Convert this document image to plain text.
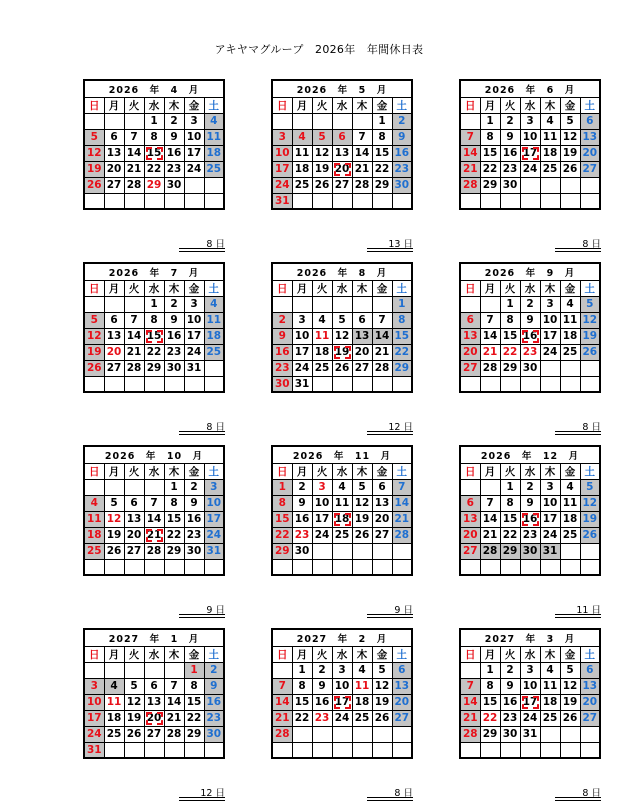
アキヤマグループ　2026年　年間休日表
2026　年　4　月						
日	月	火	水	木	金	土
			1	2	3	4
5	6	7	8	9	10	11
12	13	14	15	16	17	18
19	20	21	22	23	24	25
26	27	28	29	30		

8 日
2026　年　5　月						
日	月	火	水	木	金	土
					1	2
3	4	5	6	7	8	9
10	11	12	13	14	15	16
17	18	19	20	21	22	23
24	25	26	27	28	29	30
31						
13 日
2026　年　6　月						
日	月	火	水	木	金	土
	1	2	3	4	5	6
7	8	9	10	11	12	13
14	15	16	17	18	19	20
21	22	23	24	25	26	27
28	29	30				

8 日
2026　年　7　月						
日	月	火	水	木	金	土
			1	2	3	4
5	6	7	8	9	10	11
12	13	14	15	16	17	18
19	20	21	22	23	24	25
26	27	28	29	30	31	

8 日
2026　年　8　月						
日	月	火	水	木	金	土
						1
2	3	4	5	6	7	8
9	10	11	12	13	14	15
16	17	18	19	20	21	22
23	24	25	26	27	28	29
30	31					
12 日
2026　年　9　月						
日	月	火	水	木	金	土
		1	2	3	4	5
6	7	8	9	10	11	12
13	14	15	16	17	18	19
20	21	22	23	24	25	26
27	28	29	30			

8 日
2026　年　10　月						
日	月	火	水	木	金	土
				1	2	3
4	5	6	7	8	9	10
11	12	13	14	15	16	17
18	19	20	21	22	23	24
25	26	27	28	29	30	31

9 日
2026　年　11　月						
日	月	火	水	木	金	土
1	2	3	4	5	6	7
8	9	10	11	12	13	14
15	16	17	18	19	20	21
22	23	24	25	26	27	28
29	30					

9 日
2026　年　12　月						
日	月	火	水	木	金	土
		1	2	3	4	5
6	7	8	9	10	11	12
13	14	15	16	17	18	19
20	21	22	23	24	25	26
27	28	29	30	31		

11 日
2027　年　1　月						
日	月	火	水	木	金	土
					1	2
3	4	5	6	7	8	9
10	11	12	13	14	15	16
17	18	19	20	21	22	23
24	25	26	27	28	29	30
31						
12 日
2027　年　2　月						
日	月	火	水	木	金	土
	1	2	3	4	5	6
7	8	9	10	11	12	13
14	15	16	17	18	19	20
21	22	23	24	25	26	27
28						

8 日
2027　年　3　月						
日	月	火	水	木	金	土
	1	2	3	4	5	6
7	8	9	10	11	12	13
14	15	16	17	18	19	20
21	22	23	24	25	26	27
28	29	30	31			

8 日
